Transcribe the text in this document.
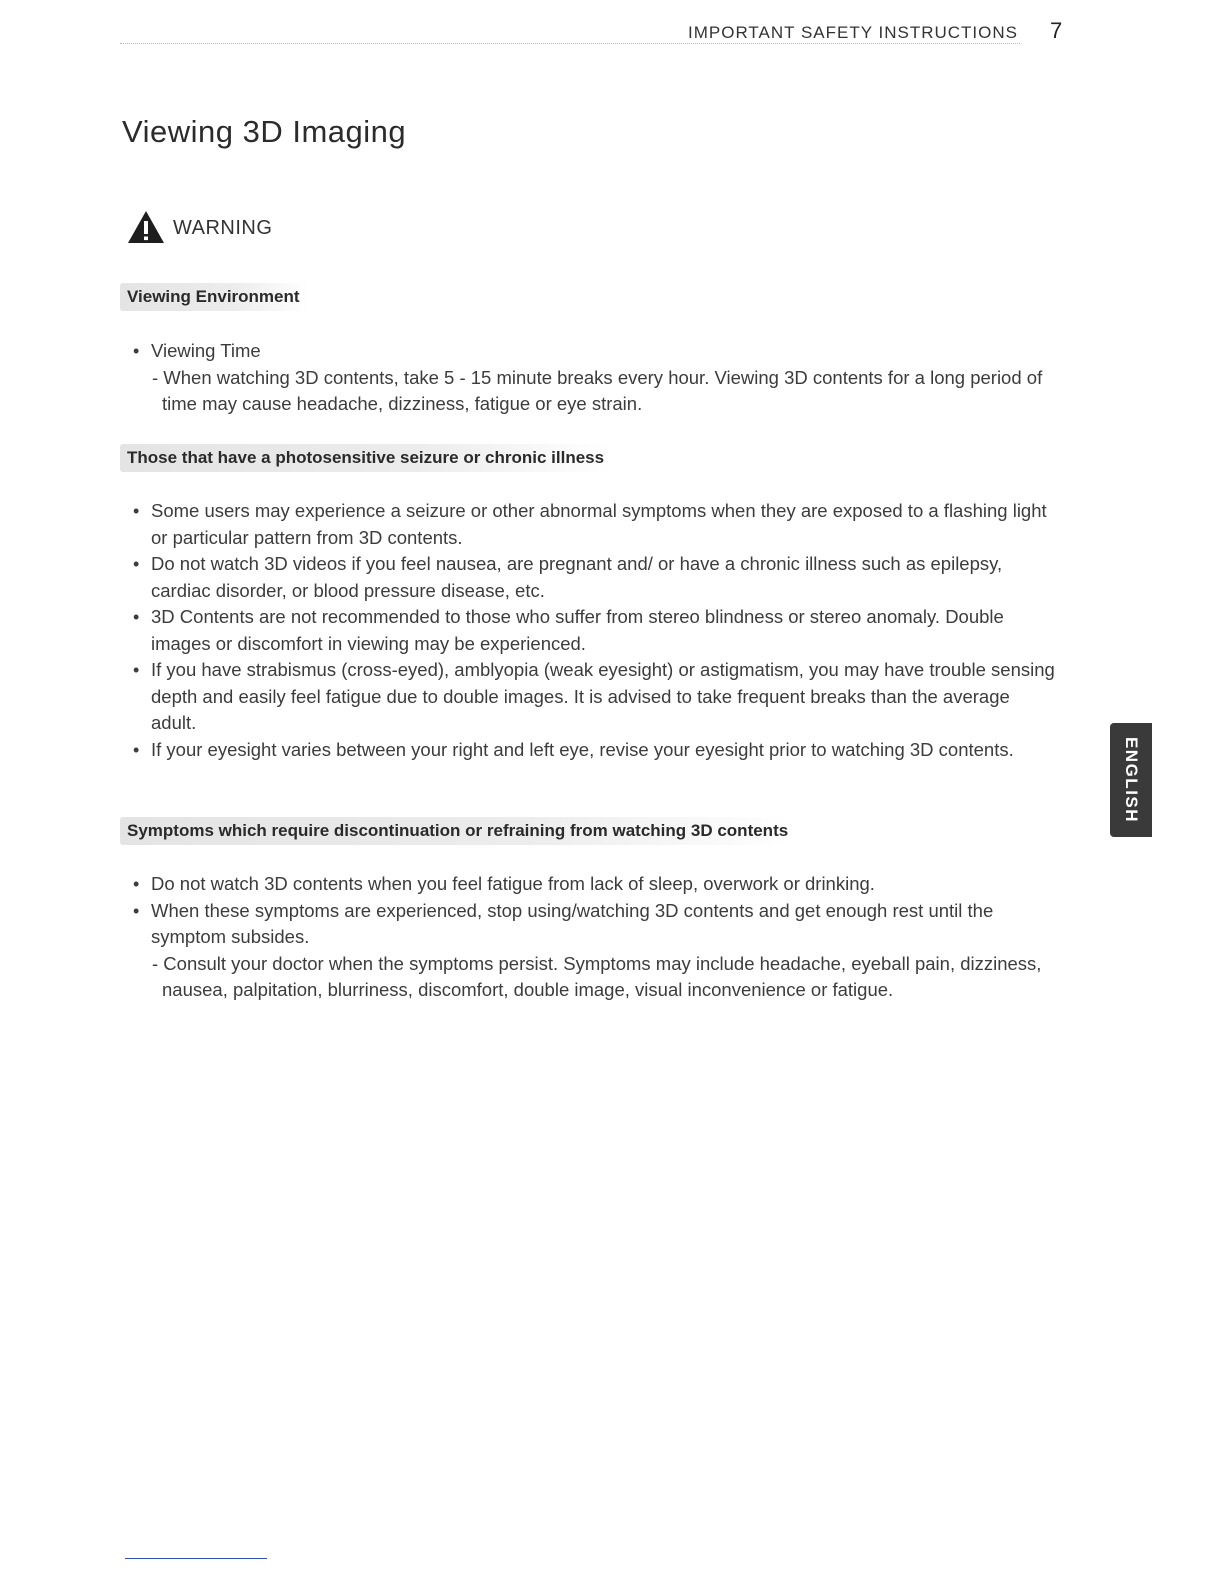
IMPORTANT SAFETY INSTRUCTIONS 7
Viewing 3D Imaging
WARNING
Viewing Environment
• Viewing Time
- When watching 3D contents, take 5 - 15 minute breaks every hour. Viewing 3D contents for a long period of time may cause headache, dizziness, fatigue or eye strain.
Those that have a photosensitive seizure or chronic illness
• Some users may experience a seizure or other abnormal symptoms when they are exposed to a flashing light or particular pattern from 3D contents.
• Do not watch 3D videos if you feel nausea, are pregnant and/ or have a chronic illness such as epilepsy, cardiac disorder, or blood pressure disease, etc.
• 3D Contents are not recommended to those who suffer from stereo blindness or stereo anomaly. Double images or discomfort in viewing may be experienced.
• If you have strabismus (cross-eyed), amblyopia (weak eyesight) or astigmatism, you may have trouble sensing depth and easily feel fatigue due to double images. It is advised to take frequent breaks than the average adult.
• If your eyesight varies between your right and left eye, revise your eyesight prior to watching 3D contents.
Symptoms which require discontinuation or refraining from watching 3D contents
• Do not watch 3D contents when you feel fatigue from lack of sleep, overwork or drinking.
• When these symptoms are experienced, stop using/watching 3D contents and get enough rest until the symptom subsides.
- Consult your doctor when the symptoms persist. Symptoms may include headache, eyeball pain, dizziness, nausea, palpitation, blurriness, discomfort, double image, visual inconvenience or fatigue.
ENGLISH
